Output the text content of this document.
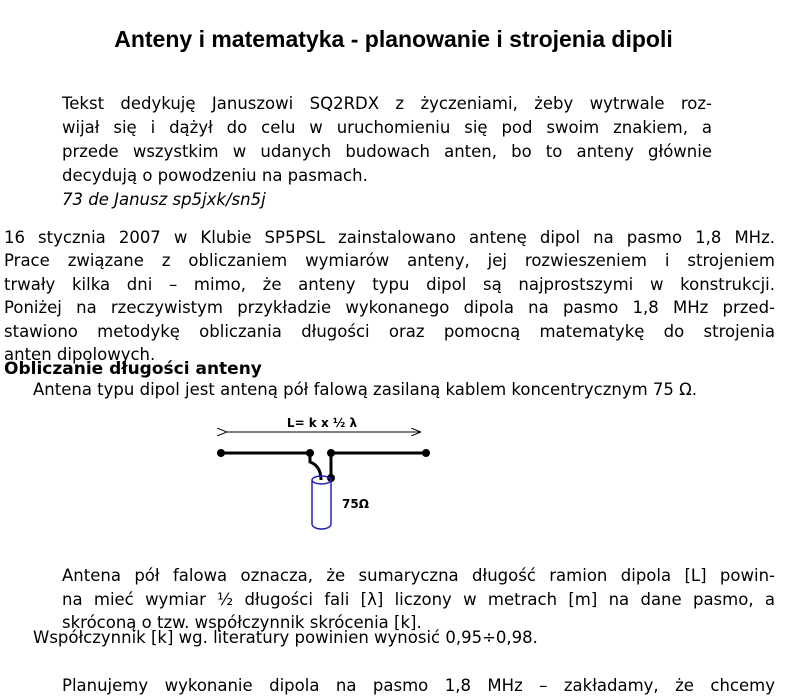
Anteny i matematyka - planowanie i strojenia dipoli

Tekst dedykuję Januszowi SQ2RDX z życzeniami, żeby wytrwale roz-

wijał się i dążył do celu w uruchomieniu się pod swoim znakiem, a

przede wszystkim w udanych budowach anten, bo to anteny głównie

decydują o powodzeniu na pasmach.

73 de Janusz sp5jxk/sn5j

16 stycznia 2007 w Klubie SP5PSL zainstalowano antenę dipol na pasmo 1,8 MHz.

Prace związane z obliczaniem wymiarów anteny, jej rozwieszeniem i strojeniem

trwały kilka dni – mimo, że anteny typu dipol są najprostszymi w konstrukcji.

Poniżej na rzeczywistym przykładzie wykonanego dipola na pasmo 1,8 MHz przed-

stawiono metodykę obliczania długości oraz pomocną matematykę do strojenia

anten dipolowych.

Obliczanie długości anteny
Antena typu dipol jest anteną pół falową zasilaną kablem koncentrycznym 75 Ω.
L= k x ½ λ
75Ω

Antena pół falowa oznacza, że sumaryczna długość ramion dipola [L] powin-

na mieć wymiar ½ długości fali [λ] liczony w metrach [m] na dane pasmo, a

skróconą o tzw. współczynnik skrócenia [k].

Współczynnik [k] wg. literatury powinien wynosić 0,95÷0,98.
Planujemy wykonanie dipola na pasmo 1,8 MHz – zakładamy, że chcemy
